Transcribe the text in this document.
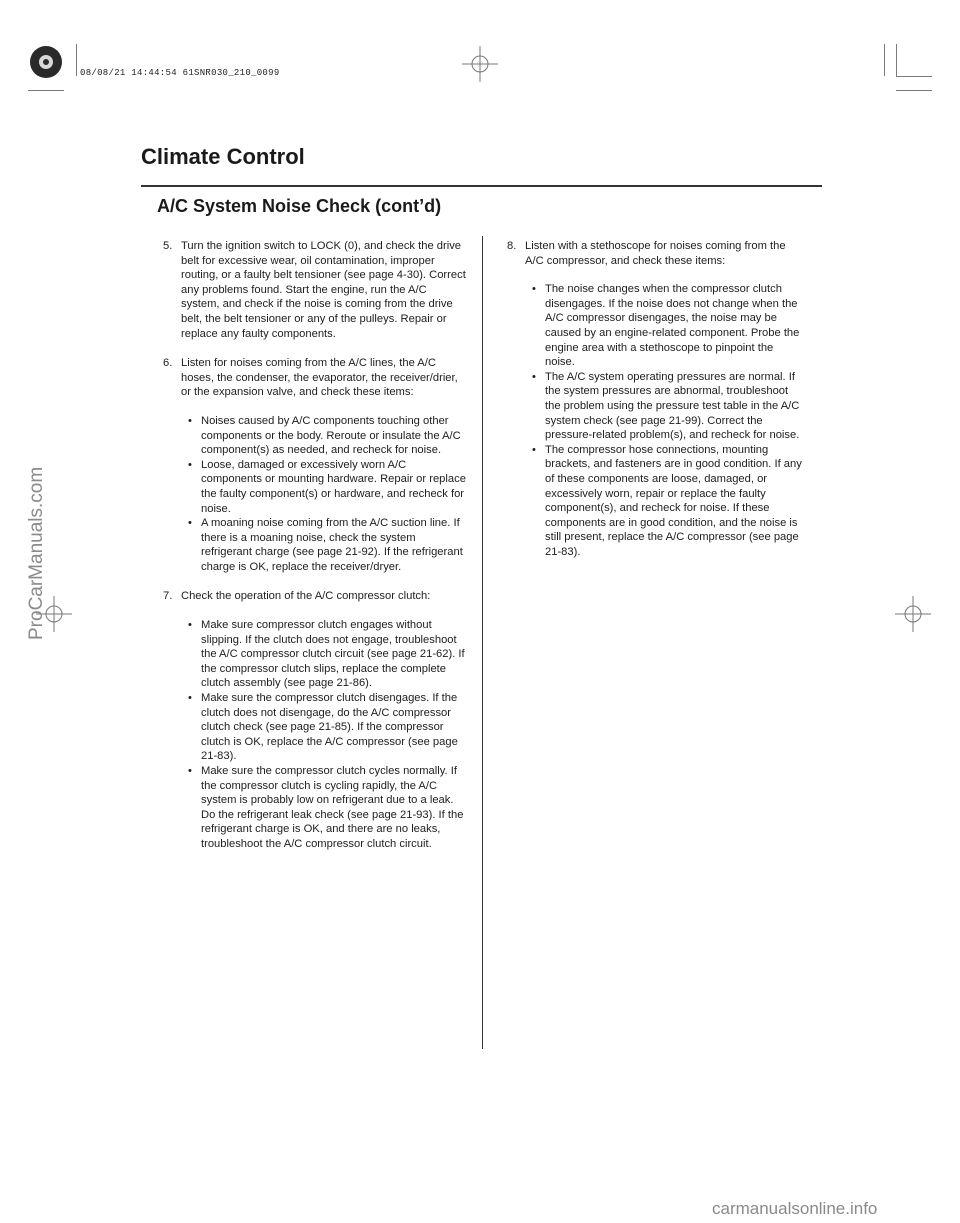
08/08/21 14:44:54 61SNR030_210_0099
Climate Control
A/C System Noise Check (cont’d)
5. Turn the ignition switch to LOCK (0), and check the drive belt for excessive wear, oil contamination, improper routing, or a faulty belt tensioner (see page 4-30). Correct any problems found. Start the engine, run the A/C system, and check if the noise is coming from the drive belt, the belt tensioner or any of the pulleys. Repair or replace any faulty components.
6. Listen for noises coming from the A/C lines, the A/C hoses, the condenser, the evaporator, the receiver/drier, or the expansion valve, and check these items:
• Noises caused by A/C components touching other components or the body. Reroute or insulate the A/C component(s) as needed, and recheck for noise.
• Loose, damaged or excessively worn A/C components or mounting hardware. Repair or replace the faulty component(s) or hardware, and recheck for noise.
• A moaning noise coming from the A/C suction line. If there is a moaning noise, check the system refrigerant charge (see page 21-92). If the refrigerant charge is OK, replace the receiver/dryer.
7. Check the operation of the A/C compressor clutch:
• Make sure compressor clutch engages without slipping. If the clutch does not engage, troubleshoot the A/C compressor clutch circuit (see page 21-62). If the compressor clutch slips, replace the complete clutch assembly (see page 21-86).
• Make sure the compressor clutch disengages. If the clutch does not disengage, do the A/C compressor clutch check (see page 21-85). If the compressor clutch is OK, replace the A/C compressor (see page 21-83).
• Make sure the compressor clutch cycles normally. If the compressor clutch is cycling rapidly, the A/C system is probably low on refrigerant due to a leak. Do the refrigerant leak check (see page 21-93). If the refrigerant charge is OK, and there are no leaks, troubleshoot the A/C compressor clutch circuit.
8. Listen with a stethoscope for noises coming from the A/C compressor, and check these items:
• The noise changes when the compressor clutch disengages. If the noise does not change when the A/C compressor disengages, the noise may be caused by an engine-related component. Probe the engine area with a stethoscope to pinpoint the noise.
• The A/C system operating pressures are normal. If the system pressures are abnormal, troubleshoot the problem using the pressure test table in the A/C system check (see page 21-99). Correct the pressure-related problem(s), and recheck for noise.
• The compressor hose connections, mounting brackets, and fasteners are in good condition. If any of these components are loose, damaged, or excessively worn, repair or replace the faulty component(s), and recheck for noise. If these components are in good condition, and the noise is still present, replace the A/C compressor (see page 21-83).
ProCarManuals.com
carmanualsonline.info
